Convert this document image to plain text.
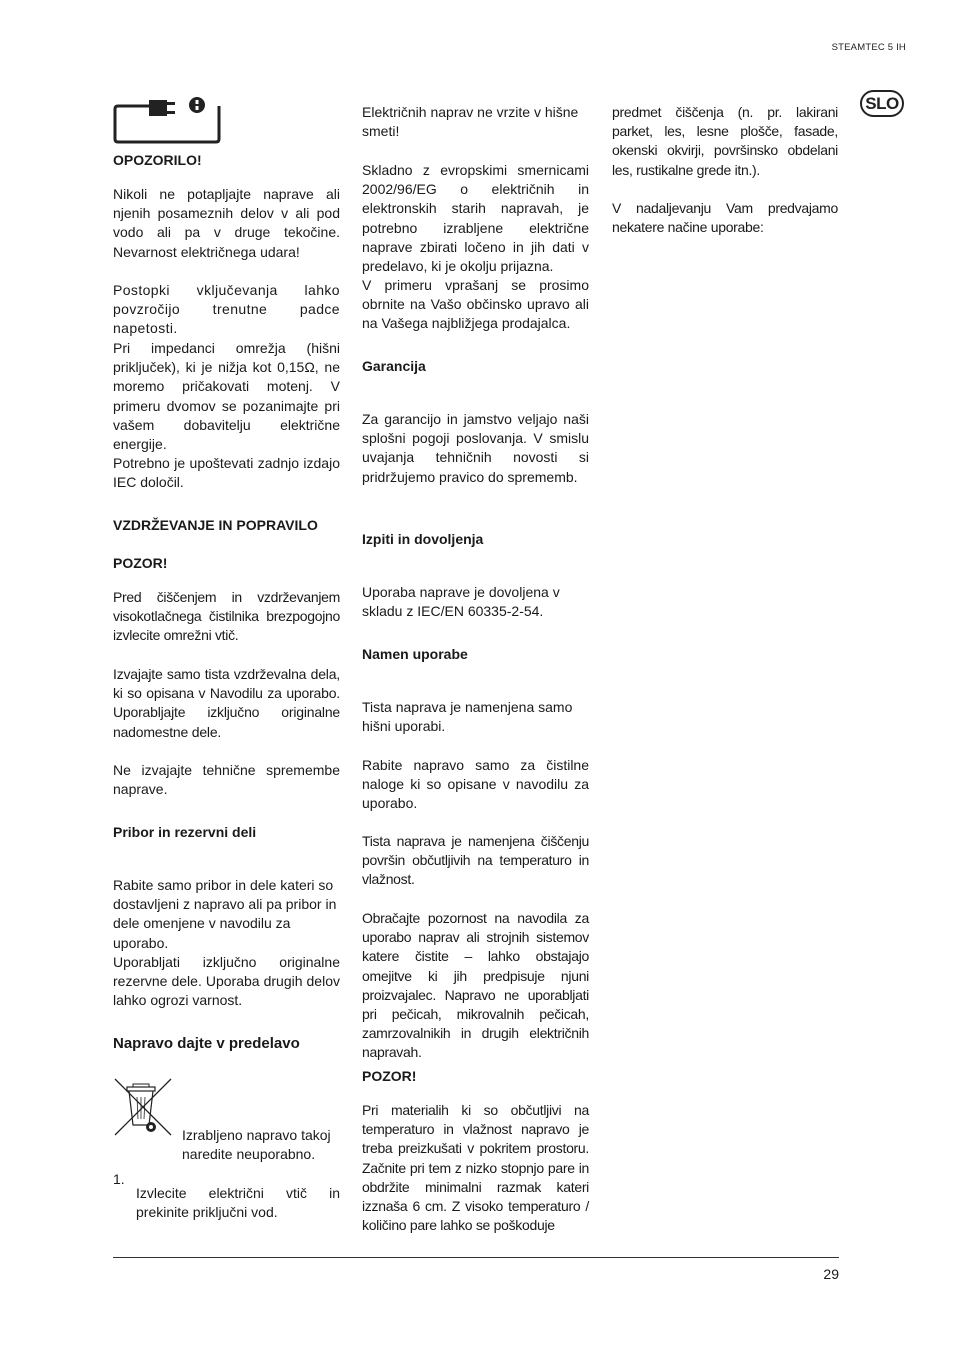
STEAMTEC 5 IH
SLO
OPOZORILO!

Nikoli ne potapljajte naprave ali njenih posameznih delov v ali pod vodo ali pa v druge tekočine. Nevarnost električnega udara!

Postopki vključevanja lahko povzročijo trenutne padce napetosti.

Pri impedanci omrežja (hišni priključek), ki je nižja kot 0,15Ω, ne moremo pričakovati motenj. V primeru dvomov se pozanimajte pri vašem dobavitelju električne energije.

Potrebno je upoštevati zadnjo izdajo IEC določil.

VZDRŽEVANJE IN POPRAVILO
POZOR!

Pred čiščenjem in vzdrževanjem visokotlačnega čistilnika brezpogojno izvlecite omrežni vtič.

Izvajajte samo tista vzdrževalna dela, ki so opisana v Navodilu za uporabo. Uporabljajte izključno originalne nadomestne dele.

Ne izvajajte tehnične spremembe naprave.

Pribor in rezervni deli

Rabite samo pribor in dele kateri so dostavljeni z napravo ali pa pribor in dele omenjene v navodilu za uporabo.

Uporabljati izključno originalne rezervne dele. Uporaba drugih delov lahko ogrozi varnost.

Napravo dajte v predelavo

Izrabljeno napravo takoj naredite neuporabno.

1.

Izvlecite električni vtič in prekinite priključni vod.

Električnih naprav ne vrzite v hišne smeti!

Skladno z evropskimi smernicami 2002/96/EG o električnih in elektronskih starih napravah, je potrebno izrabljene električne naprave zbirati ločeno in jih dati v predelavo, ki je okolju prijazna.

V primeru vprašanj se prosimo obrnite na Vašo občinsko upravo ali na Vašega najbližjega prodajalca.

Garancija

Za garancijo in jamstvo veljajo naši splošni pogoji poslovanja. V smislu uvajanja tehničnih novosti si pridržujemo pravico do sprememb.

Izpiti in dovoljenja

Uporaba naprave je dovoljena v skladu z IEC/EN 60335-2-54.

Namen uporabe

Tista naprava je namenjena samo hišni uporabi.

Rabite napravo samo za čistilne naloge ki so opisane v navodilu za uporabo.

Tista naprava je namenjena čiščenju površin občutljivih na temperaturo in vlažnost.

Obračajte pozornost na navodila za uporabo naprav ali strojnih sistemov katere čistite – lahko obstajajo omejitve ki jih predpisuje njuni proizvajalec. Napravo ne uporabljati pri pečicah, mikrovalnih pečicah, zamrzovalnikih in drugih električnih napravah.

POZOR!

Pri materialih ki so občutljivi na temperaturo in vlažnost napravo je treba preizkušati v pokritem prostoru. Začnite pri tem z nizko stopnjo pare in obdržite minimalni razmak kateri izznaša 6 cm. Z visoko temperaturo / količino pare lahko se poškoduje

predmet čiščenja (n. pr. lakirani parket, les, lesne plošče, fasade, okenski okvirji, površinsko obdelani les, rustikalne grede itn.).

V nadaljevanju Vam predvajamo nekatere načine uporabe:

29
